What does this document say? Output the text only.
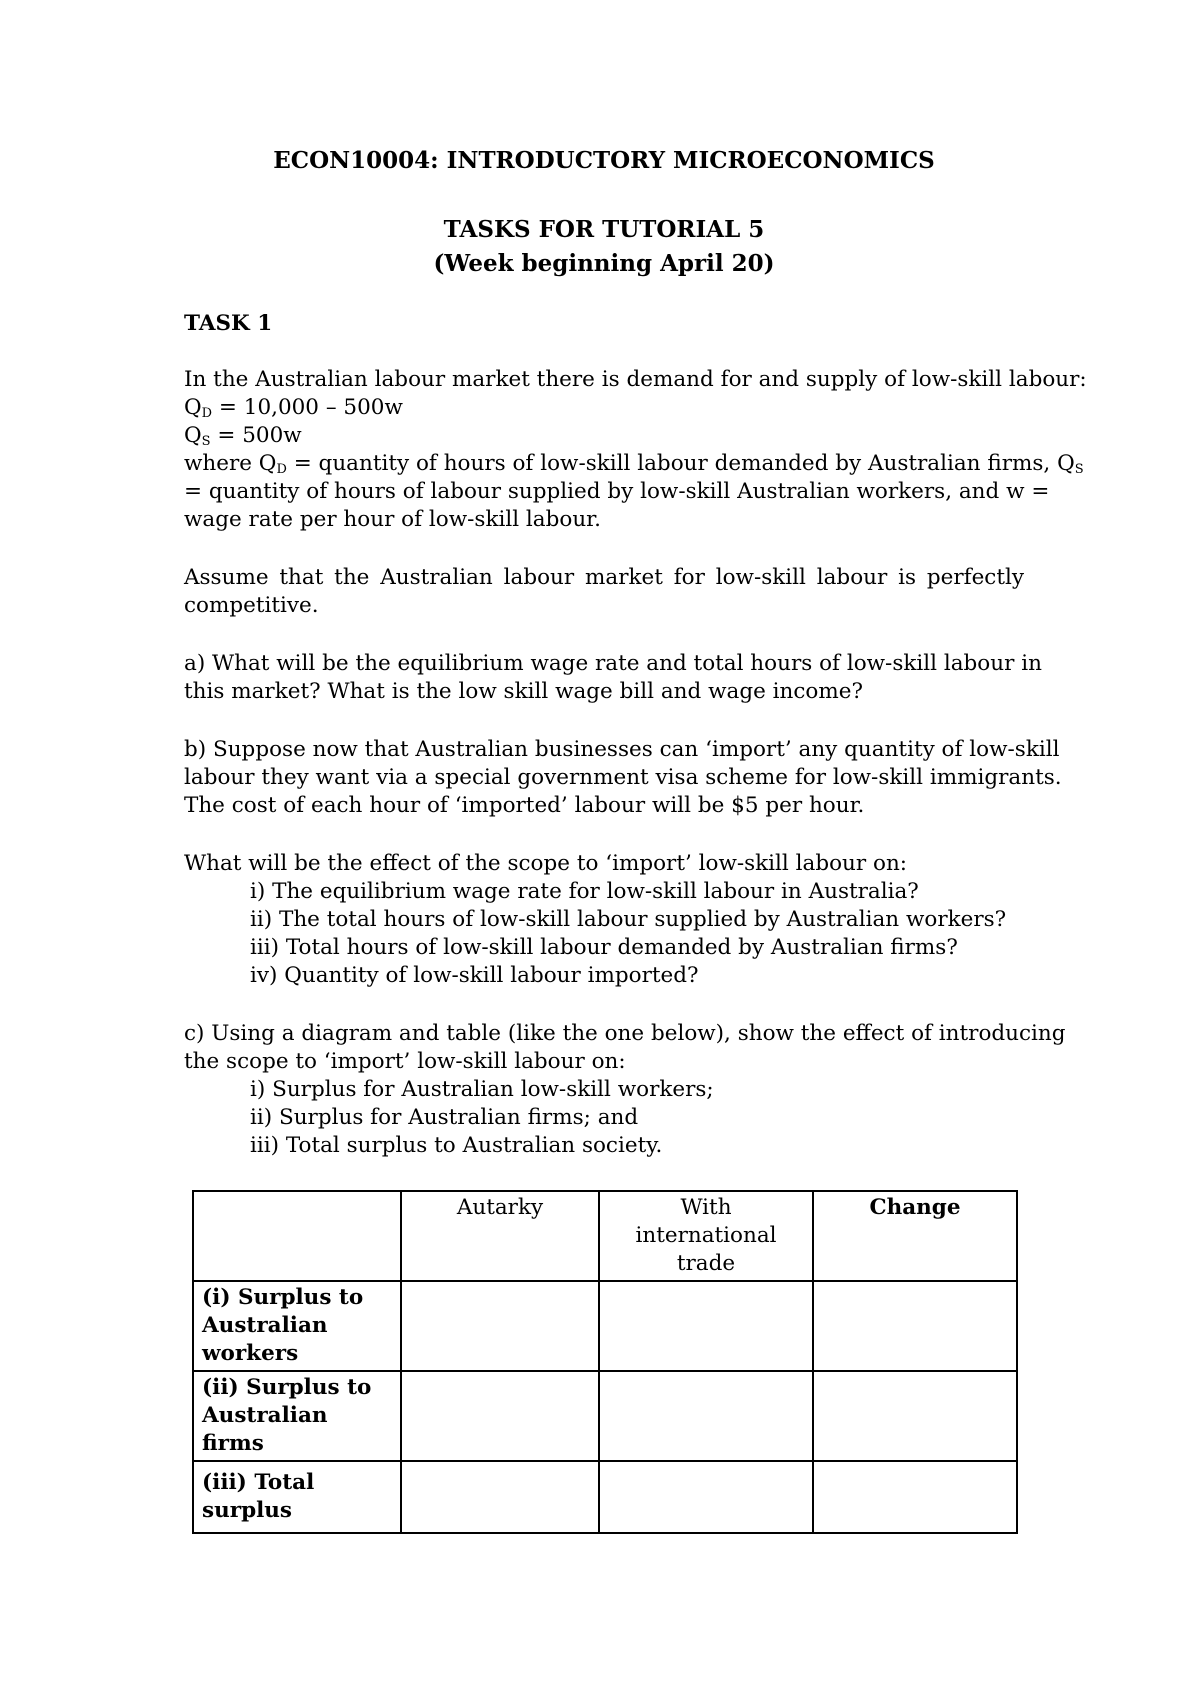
ECON10004: INTRODUCTORY MICROECONOMICS
TASKS FOR TUTORIAL 5
(Week beginning April 20)
TASK 1
In the Australian labour market there is demand for and supply of low-skill labour:
$Q_D = 10,000 - 500w$
$Q_S = 500w$
where $Q_D$ = quantity of hours of low-skill labour demanded by Australian firms, $Q_S$
= quantity of hours of labour supplied by low-skill Australian workers, and w =
wage rate per hour of low-skill labour.
Assume that the Australian labour market for low-skill labour is perfectly
competitive.
a) What will be the equilibrium wage rate and total hours of low-skill labour in
this market? What is the low skill wage bill and wage income?
b) Suppose now that Australian businesses can ‘import’ any quantity of low-skill
labour they want via a special government visa scheme for low-skill immigrants.
The cost of each hour of ‘imported’ labour will be $5 per hour.
What will be the effect of the scope to ‘import’ low-skill labour on:
i) The equilibrium wage rate for low-skill labour in Australia?
ii) The total hours of low-skill labour supplied by Australian workers?
iii) Total hours of low-skill labour demanded by Australian firms?
iv) Quantity of low-skill labour imported?
c) Using a diagram and table (like the one below), show the effect of introducing
the scope to ‘import’ low-skill labour on:
i) Surplus for Australian low-skill workers;
ii) Surplus for Australian firms; and
iii) Total surplus to Australian society.
	Autarky	With international trade	Change
(i) Surplus to Australian workers			
(ii) Surplus to Australian firms			
(iii) Total surplus			
